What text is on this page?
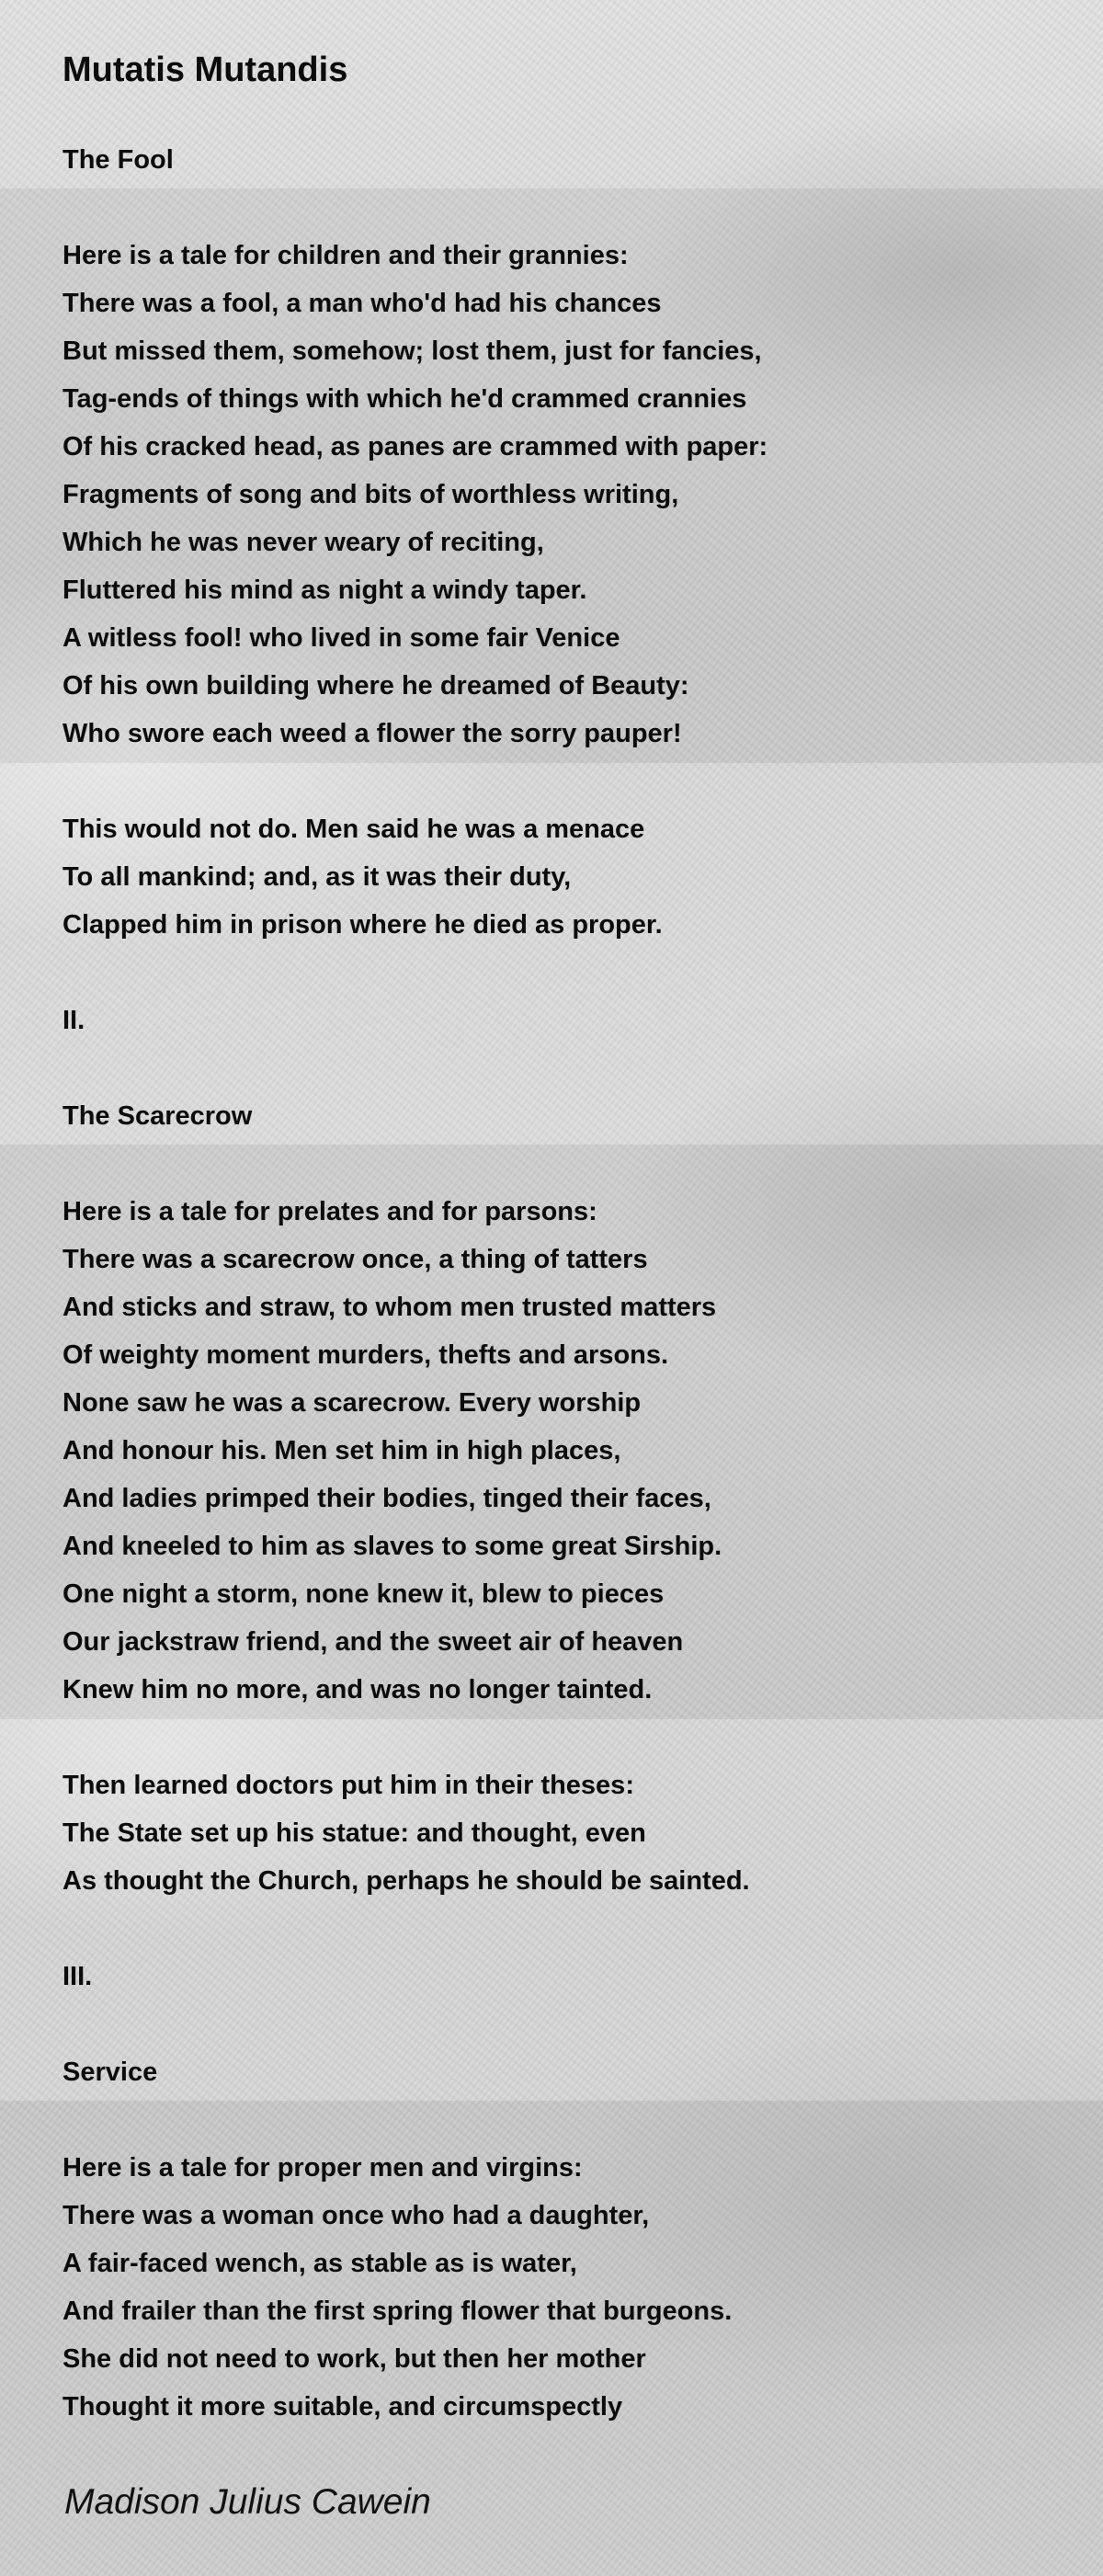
Mutatis Mutandis
The Fool
Here is a tale for children and their grannies:
There was a fool, a man who'd had his chances
But missed them, somehow; lost them, just for fancies,
Tag-ends of things with which he'd crammed crannies
Of his cracked head, as panes are crammed with paper:
Fragments of song and bits of worthless writing,
Which he was never weary of reciting,
Fluttered his mind as night a windy taper.
A witless fool! who lived in some fair Venice
Of his own building where he dreamed of Beauty:
Who swore each weed a flower the sorry pauper!
This would not do. Men said he was a menace
To all mankind; and, as it was their duty,
Clapped him in prison where he died as proper.
II.
The Scarecrow
Here is a tale for prelates and for parsons:
There was a scarecrow once, a thing of tatters
And sticks and straw, to whom men trusted matters
Of weighty moment murders, thefts and arsons.
None saw he was a scarecrow. Every worship
And honour his. Men set him in high places,
And ladies primped their bodies, tinged their faces,
And kneeled to him as slaves to some great Sirship.
One night a storm, none knew it, blew to pieces
Our jackstraw friend, and the sweet air of heaven
Knew him no more, and was no longer tainted.
Then learned doctors put him in their theses:
The State set up his statue: and thought, even
As thought the Church, perhaps he should be sainted.
III.
Service
Here is a tale for proper men and virgins:
There was a woman once who had a daughter,
A fair-faced wench, as stable as is water,
And frailer than the first spring flower that burgeons.
She did not need to work, but then her mother
Thought it more suitable, and circumspectly

Madison Julius Cawein
